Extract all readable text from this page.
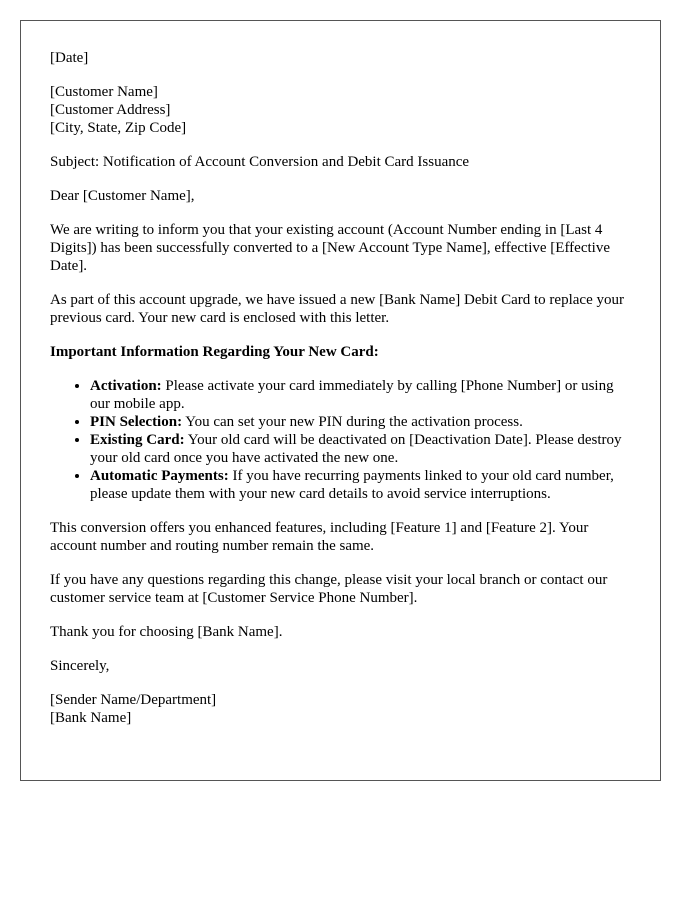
[Date]
[Customer Name]
[Customer Address]
[City, State, Zip Code]

Subject: Notification of Account Conversion and Debit Card Issuance

Dear [Customer Name],

We are writing to inform you that your existing account (Account Number ending in [Last 4 Digits]) has been successfully converted to a [New Account Type Name], effective [Effective Date].

As part of this account upgrade, we have issued a new [Bank Name] Debit Card to replace your previous card. Your new card is enclosed with this letter.

Important Information Regarding Your New Card:
• Activation: Please activate your card immediately by calling [Phone Number] or using our mobile app.
• PIN Selection: You can set your new PIN during the activation process.
• Existing Card: Your old card will be deactivated on [Deactivation Date]. Please destroy your old card once you have activated the new one.
• Automatic Payments: If you have recurring payments linked to your old card number, please update them with your new card details to avoid service interruptions.

This conversion offers you enhanced features, including [Feature 1] and [Feature 2]. Your account number and routing number remain the same.

If you have any questions regarding this change, please visit your local branch or contact our customer service team at [Customer Service Phone Number].

Thank you for choosing [Bank Name].

Sincerely,

[Sender Name/Department]
[Bank Name]
